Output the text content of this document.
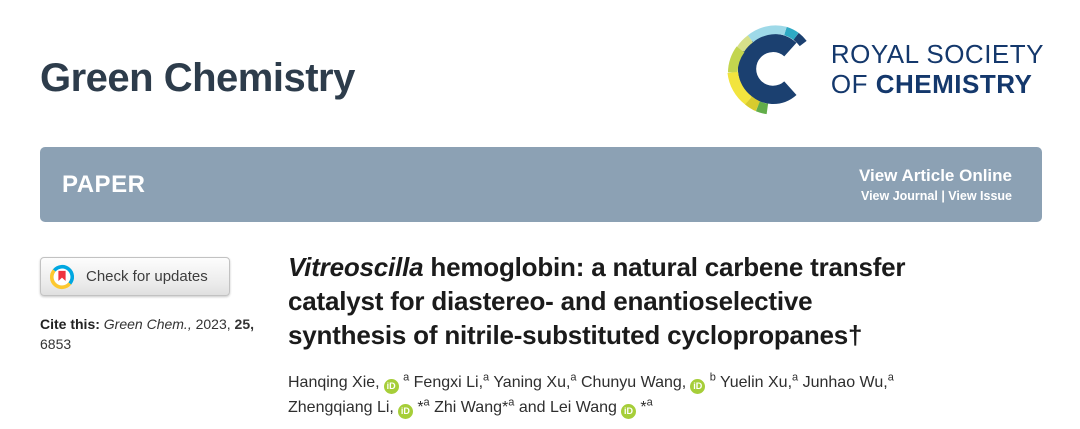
Green Chemistry
ROYAL SOCIETY
OF CHEMISTRY
PAPER	View Article Online
View Journal | View Issue
Check for updates
Cite this: Green Chem., 2023, 25,
6853
Vitreoscilla hemoglobin: a natural carbene transfer
catalyst for diastereo- and enantioselective
synthesis of nitrile-substituted cyclopropanes†
Hanqing Xie, iD $^a$ Fengxi Li,$^a$ Yaning Xu,$^a$ Chunyu Wang, iD $^b$ Yuelin Xu,$^a$ Junhao Wu,$^a$
Zhengqiang Li, iD *$^a$ Zhi Wang*$^a$ and Lei Wang iD *$^a$
